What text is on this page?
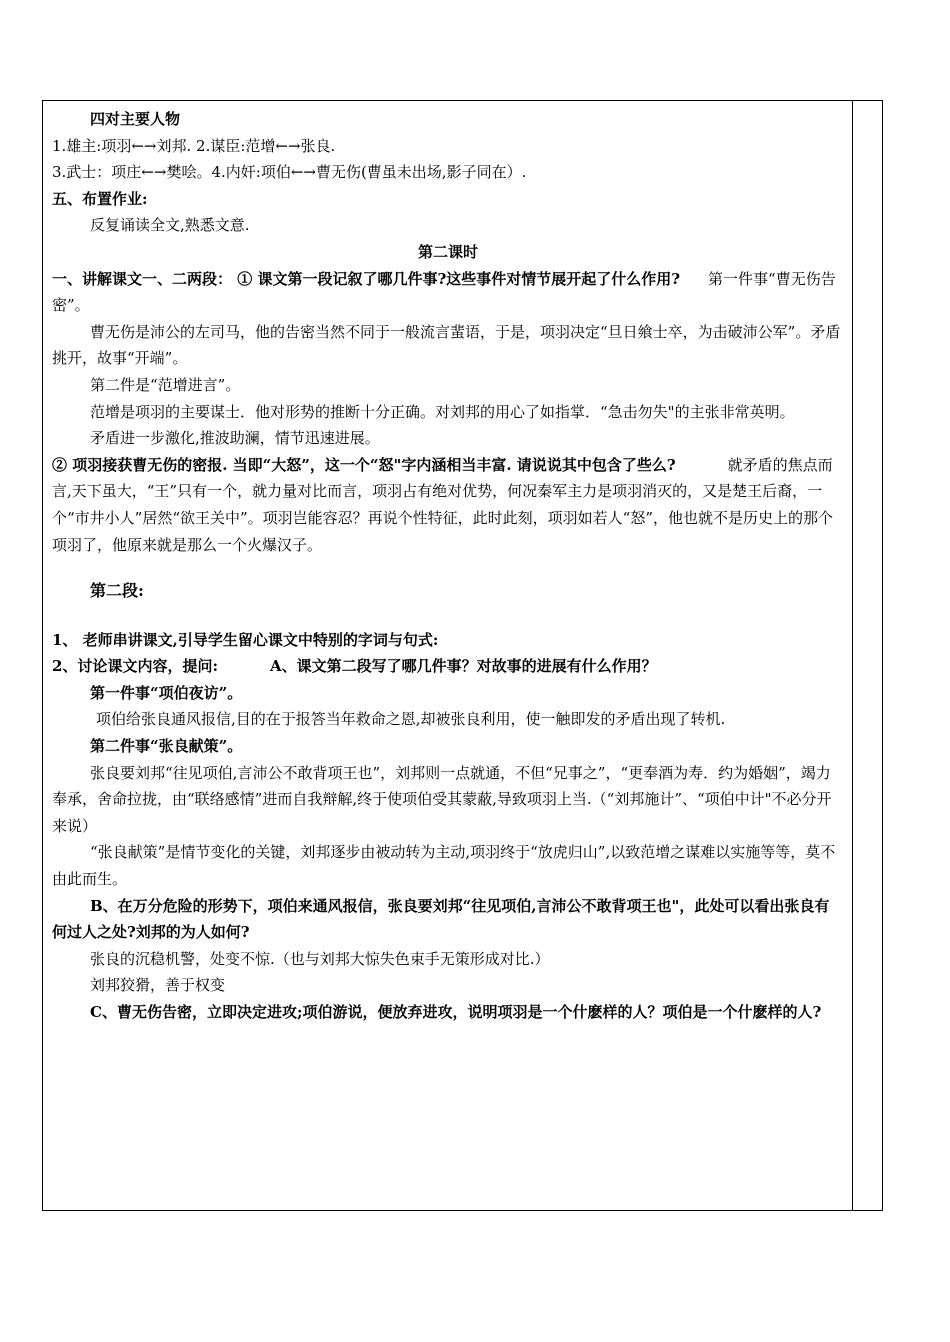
四对主要人物

1.雄主:项羽←→刘邦. 2.谋臣:范增←→张良.

3.武士：项庄←→樊哙。4.内奸:项伯←→曹无伤(曹虽未出场,影子同在）.

五、布置作业:

反复诵读全文,熟悉文意.

第二课时

一、讲解课文一、二两段： ① 课文第一段记叙了哪几件事?这些事件对情节展开起了什么作用? 第一件事“曹无伤告密”。

曹无伤是沛公的左司马，他的告密当然不同于一般流言蜚语，于是，项羽决定“旦日飨士卒，为击破沛公军”。矛盾挑开，故事“开端”。

第二件是“范增进言”。

范增是项羽的主要谋士．他对形势的推断十分正确。对刘邦的用心了如指掌．“急击勿失"的主张非常英明。

矛盾进一步激化,推波助澜，情节迅速进展。

② 项羽接获曹无伤的密报. 当即“大怒”，这一个“怒"字内涵相当丰富. 请说说其中包含了些么?	就矛盾的焦点而言,天下虽大，“王”只有一个，就力量对比而言，项羽占有绝对优势，何况秦军主力是项羽消灭的，又是楚王后裔，一个“市井小人”居然“欲王关中”。项羽岂能容忍？再说个性特征，此时此刻，项羽如若人“怒”，他也就不是历史上的那个项羽了，他原来就是那么一个火爆汉子。

第二段:

1、 老师串讲课文,引导学生留心课文中特别的字词与句式:

2、讨论课文内容，提问:	A、课文第二段写了哪几件事？对故事的进展有什么作用？

第一件事“项伯夜访”。

项伯给张良通风报信,目的在于报答当年救命之恩,却被张良利用，使一触即发的矛盾出现了转机.

第二件事“张良献策”。

张良要刘邦“往见项伯,言沛公不敢背项王也”，刘邦则一点就通，不但“兄事之”，“更奉酒为寿．约为婚姻”，竭力奉承，舍命拉拢，由“联络感情”进而自我辩解,终于使项伯受其蒙蔽,导致项羽上当.（“刘邦施计”、“项伯中计"不必分开来说）

“张良献策”是情节变化的关键，刘邦逐步由被动转为主动,项羽终于“放虎归山”,以致范增之谋难以实施等等，莫不由此而生。

B、在万分危险的形势下，项伯来通风报信，张良要刘邦“往见项伯,言沛公不敢背项王也"，此处可以看出张良有何过人之处?刘邦的为人如何?

张良的沉稳机警，处变不惊.（也与刘邦大惊失色束手无策形成对比.）

刘邦狡猾，善于权变

C、曹无伤告密，立即决定进攻;项伯游说，便放弃进攻，说明项羽是一个什麽样的人？项伯是一个什麽样的人?
